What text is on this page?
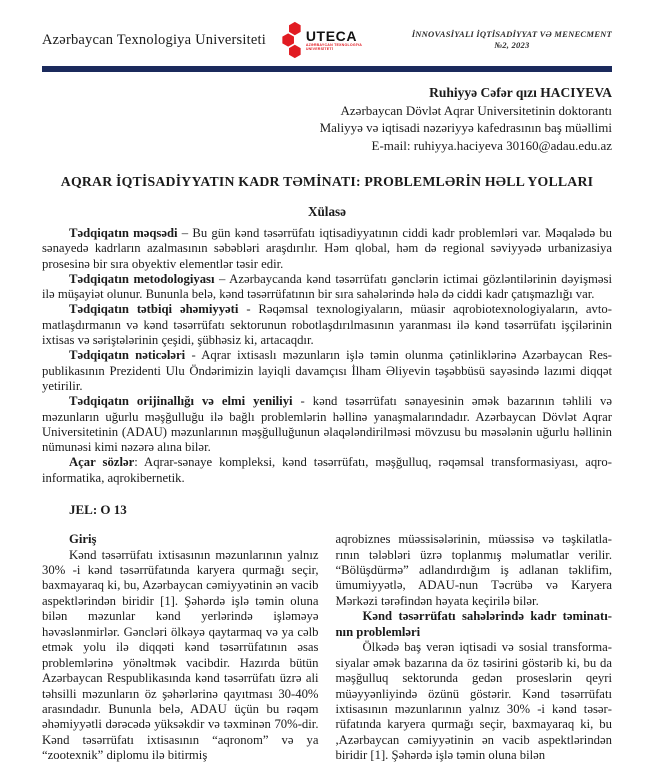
Azərbaycan Texnologiya Universiteti	UTECA
AZƏRBAYCAN TEXNOLOGİYA UNİVERSİTETİ
İNNOVASİYALI İQTİSADİYYAT VƏ MENECMENT
№2, 2023
Ruhiyyə Cəfər qızı HACIYEVA
Azərbaycan Dövlət Aqrar Universitetinin doktorantı
Maliyyə və iqtisadi nəzəriyyə kafedrasının baş müəllimi
E-mail: ruhiyya.haciyeva 30160@adau.edu.az
AQRAR İQTİSADİYYATIN KADR TƏMİNATI: PROBLEMLƏRİN HƏLL YOLLARI
Xülasə

Tədqiqatın məqsədi – Bu gün kənd təsərrüfatı iqtisadiyyatının ciddi kadr problemləri var. Məqalədə bu sənayedə kadrların azalmasının səbəbləri araşdırılır. Həm qlobal, həm də regional səviyyədə urbanizasiya prosesinə bir sıra obyektiv elementlər təsir edir.

Tədqiqatın metodologiyası – Azərbaycanda kənd təsərrüfatı gənclərin ictimai gözləntilərinin dəyişməsi ilə müşayiət olunur. Bununla belə, kənd təsərrüfatının bir sıra sahələrində hələ də ciddi kadr çatışmazlığı var.

Tədqiqatın tətbiqi əhəmiyyəti - Rəqəmsal texnologiyaların, müasir aqrobiotexnologiyaların, avtomatlaşdırmanın və kənd təsərrüfatı sektorunun robotlaşdırılmasının yaranması ilə kənd təsərrüfatı işçilərinin ixtisas və səriştələrinin çeşidi, şübhəsiz ki, artacaqdır.

Tədqiqatın nəticələri - Aqrar ixtisaslı məzunların işlə təmin olunma çətinliklərinə Azərbaycan Respublikasının Prezidenti Ulu Öndərimizin layiqli davamçısı İlham Əliyevin təşəbbüsü sayəsində lazımi diqqət yetirilir.

Tədqiqatın orijinallığı və elmi yeniliyi - kənd təsərrüfatı sənayesinin əmək bazarının təhlili və məzunların uğurlu məşğulluğu ilə bağlı problemlərin həllinə yanaşmalarındadır. Azərbaycan Dövlət Aqrar Universitetinin (ADAU) məzunlarının məşğulluğunun əlaqələndirilməsi mövzusu bu məsələnin uğurlu həllinin nümunəsi kimi nəzərə alına bilər.

Açar sözlər: Aqrar-sənaye kompleksi, kənd təsərrüfatı, məşğulluq, rəqəmsal transformasiyası, aqroinformatika, aqrokibernetik.

JEL: O 13

Giriş

Kənd təsərrüfatı ixtisasının məzunlarının yalnız 30% -i kənd təsərrüfatında karyera qurmağı seçir, baxmayaraq ki, bu, Azərbaycan cəmiyyətinin ən vacib aspektlərindən biridir [1]. Şəhərdə işlə təmin oluna bilən məzunlar kənd yerlərində işləməyə həvəslənmirlər. Gəncləri ölkəyə qaytarmaq və ya cəlb etmək yolu ilə diqqəti kənd təsərrüfatının əsas problemlərinə yönəltmək vacibdir. Hazırda bütün Azərbaycan Respublikasında kənd təsərrüfatı üzrə ali təhsilli məzunların öz şəhərlərinə qayıtması 30-40% arasındadır. Bununla belə, ADAU üçün bu rəqəm əhəmiyyətli dərəcədə yüksəkdir və təxminən 70%-dir. Kənd təsərrüfatı ixtisasının “aqronom” və ya “zootexnik” diplomu ilə bitirmiş

aqrobiznes müəssisələrinin, müəssisə və təşkilatlarının tələbləri üzrə toplanmış məlumatlar verilir. “Bölüşdürmə” adlandırdığım iş adlanan təklifim, ümumiyyətlə, ADAU-nun Təcrübə və Karyera Mərkəzi tərəfindən həyata keçirilə bilər.

Kənd təsərrüfatı sahələrində kadr təminatının problemləri

Ölkədə baş verən iqtisadi və sosial transformasiyalar əmək bazarına da öz təsirini göstərib ki, bu da məşğulluq sektorunda gedən proseslərin qeyri müəyyənliyində özünü göstərir. Kənd təsərrüfatı ixtisasının məzunlarının yalnız 30% -i kənd təsərrüfatında karyera qurmağı seçir, baxmayaraq ki, bu ,Azərbaycan cəmiyyətinin ən vacib aspektlərindən biridir [1]. Şəhərdə işlə təmin oluna bilən
